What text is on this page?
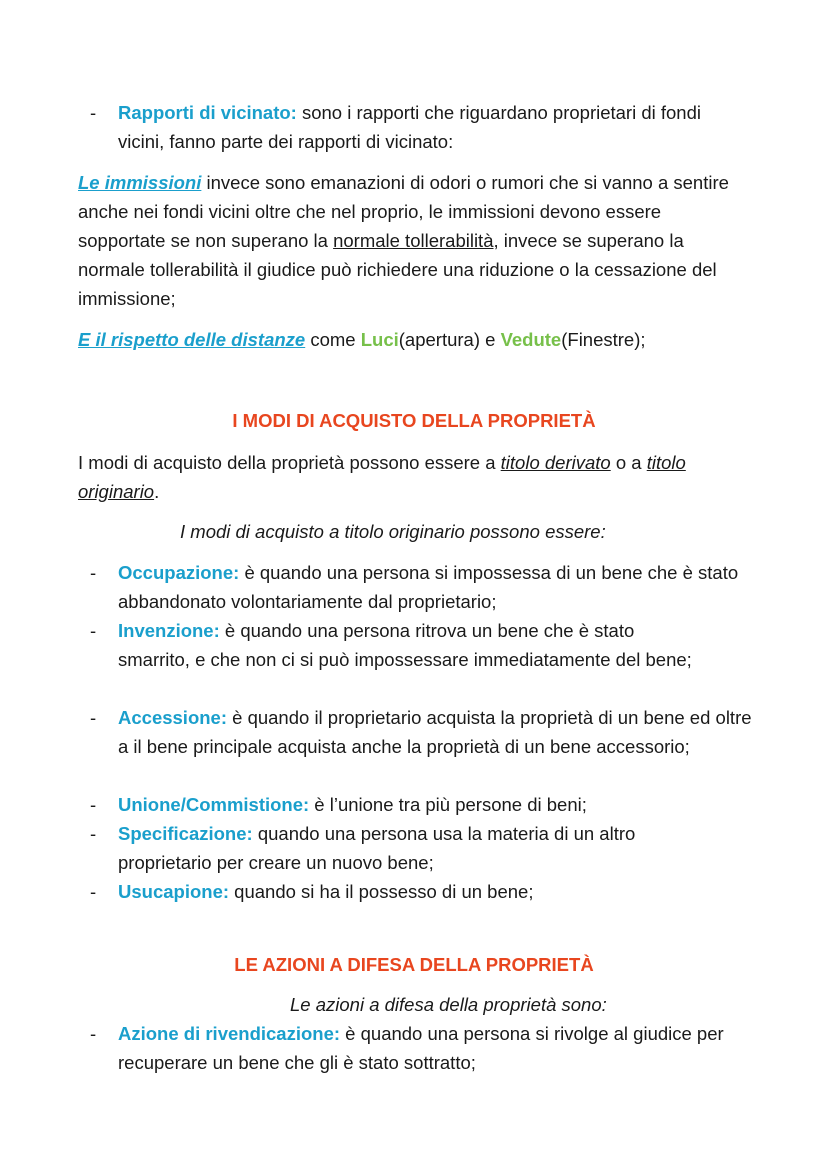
-	Rapporti di vicinato: sono i rapporti che riguardano proprietari di fondi vicini, fanno parte dei rapporti di vicinato:
Le immissioni invece sono emanazioni di odori o rumori che si vanno a sentire anche nei fondi vicini oltre che nel proprio, le immissioni devono essere sopportate se non superano la normale tollerabilità, invece se superano la normale tollerabilità il giudice può richiedere una riduzione o la cessazione del immissione;
E il rispetto delle distanze come Luci(apertura) e Vedute(Finestre);
I MODI DI ACQUISTO DELLA PROPRIETÀ
I modi di acquisto della proprietà possono essere a titolo derivato o a titolo originario.
I modi di acquisto a titolo originario possono essere:
-	Occupazione: è quando una persona si impossessa di un bene che è stato abbandonato volontariamente dal proprietario;
-	Invenzione: è quando una persona ritrova un bene che è stato smarrito, e che non ci si può impossessare immediatamente del bene;
-	Accessione: è quando il proprietario acquista la proprietà di un bene ed oltre a il bene principale acquista anche la proprietà di un bene accessorio;
-	Unione/Commistione: è l’unione tra più persone di beni;
-	Specificazione: quando una persona usa la materia di un altro proprietario per creare un nuovo bene;
-	Usucapione: quando si ha il possesso di un bene;
LE AZIONI A DIFESA DELLA PROPRIETÀ
Le azioni a difesa della proprietà sono:
-	Azione di rivendicazione: è quando una persona si rivolge al giudice per recuperare un bene che gli è stato sottratto;
